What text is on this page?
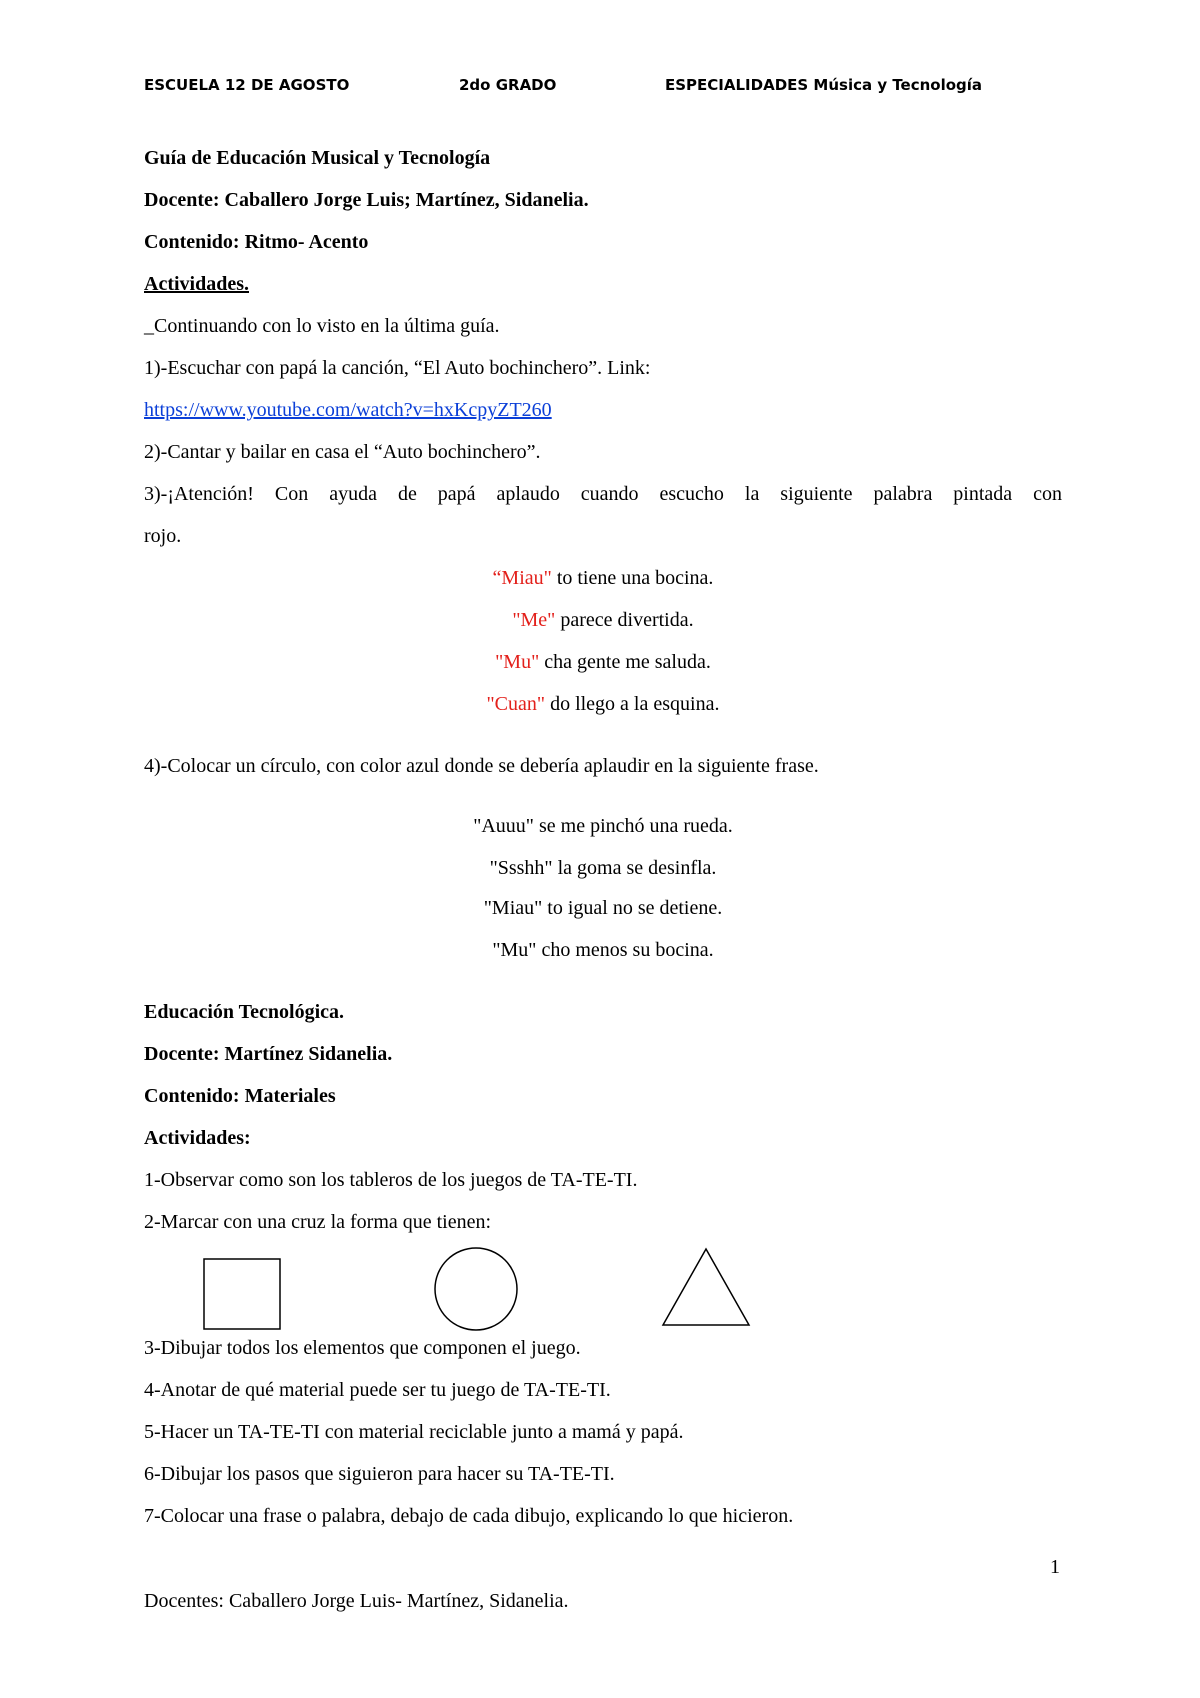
ESCUELA 12 DE AGOSTO	2do GRADO	ESPECIALIDADES Música y Tecnología
Guía de Educación Musical y Tecnología
Docente: Caballero Jorge Luis; Martínez, Sidanelia.
Contenido: Ritmo- Acento
Actividades.
_Continuando con lo visto en la última guía.
1)-Escuchar con papá la canción, “El Auto bochinchero”. Link:
https://www.youtube.com/watch?v=hxKcpyZT260
2)-Cantar y bailar en casa el “Auto bochinchero”.
3)-¡Atención! Con ayuda de papá aplaudo cuando escucho la siguiente palabra pintada con
rojo.
“Miau" to tiene una bocina.
"Me" parece divertida.
"Mu" cha gente me saluda.
"Cuan" do llego a la esquina.
4)-Colocar un círculo, con color azul donde se debería aplaudir en la siguiente frase.
"Auuu" se me pinchó una rueda.
"Ssshh" la goma se desinfla.
"Miau" to igual no se detiene.
"Mu" cho menos su bocina.
Educación Tecnológica.
Docente: Martínez Sidanelia.
Contenido: Materiales
Actividades:
1-Observar como son los tableros de los juegos de TA-TE-TI.
2-Marcar con una cruz la forma que tienen:
3-Dibujar todos los elementos que componen el juego.
4-Anotar de qué material puede ser tu juego de TA-TE-TI.
5-Hacer un TA-TE-TI con material reciclable junto a mamá y papá.
6-Dibujar los pasos que siguieron para hacer su TA-TE-TI.
7-Colocar una frase o palabra, debajo de cada dibujo, explicando lo que hicieron.
1
Docentes: Caballero Jorge Luis- Martínez, Sidanelia.
